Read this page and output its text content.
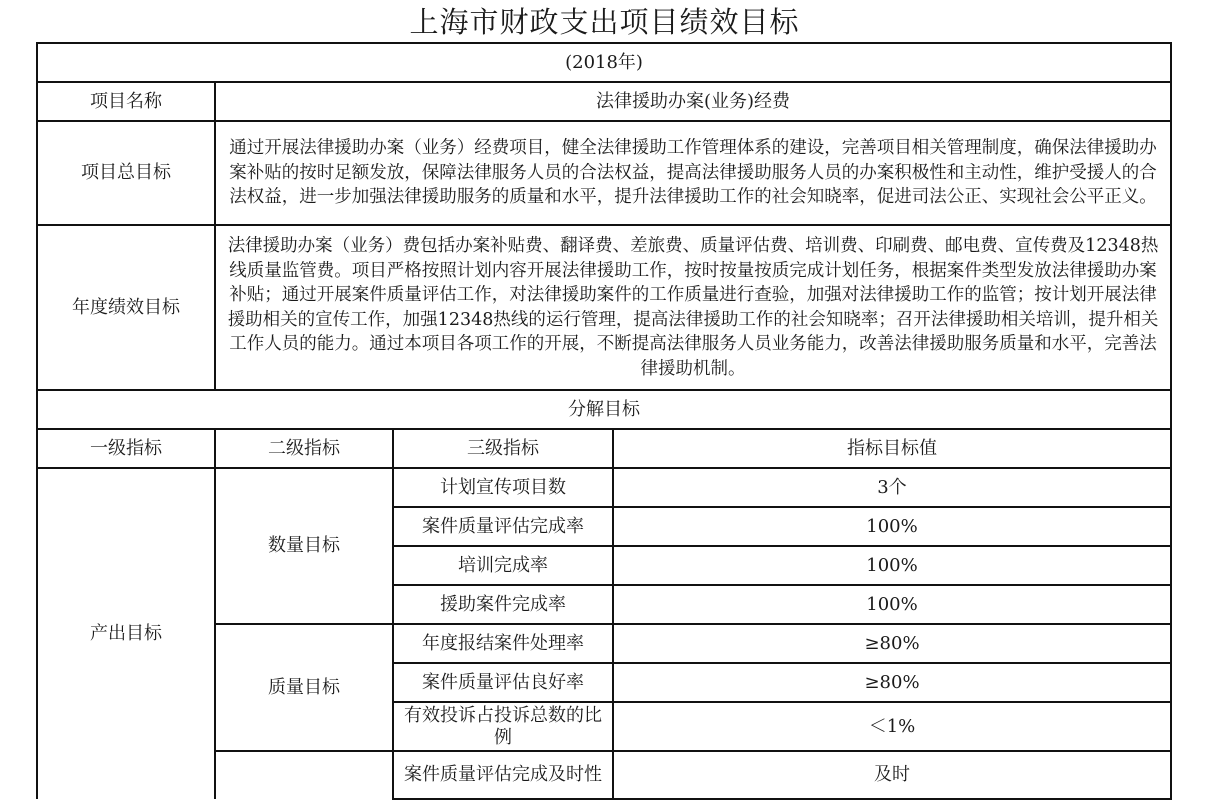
上海市财政支出项目绩效目标
(2018年)			
项目名称	法律援助办案(业务)经费		
项目总目标	通过开展法律援助办案（业务）经费项目，健全法律援助工作管理体系的建设，完善项目相关管理制度，确保法律援助办案补贴的按时足额发放，保障法律服务人员的合法权益，提高法律援助服务人员的办案积极性和主动性，维护受援人的合法权益，进一步加强法律援助服务的质量和水平，提升法律援助工作的社会知晓率，促进司法公正、实现社会公平正义。		
年度绩效目标	法律援助办案（业务）费包括办案补贴费、翻译费、差旅费、质量评估费、培训费、印刷费、邮电费、宣传费及12348热线质量监管费。项目严格按照计划内容开展法律援助工作，按时按量按质完成计划任务，根据案件类型发放法律援助办案补贴；通过开展案件质量评估工作，对法律援助案件的工作质量进行查验，加强对法律援助工作的监管；按计划开展法律援助相关的宣传工作，加强12348热线的运行管理，提高法律援助工作的社会知晓率；召开法律援助相关培训，提升相关工作人员的能力。通过本项目各项工作的开展，不断提高法律服务人员业务能力，改善法律援助服务质量和水平，完善法律援助机制。		
分解目标			
一级指标	二级指标	三级指标	指标目标值
产出目标	数量目标	计划宣传项目数	3个
		案件质量评估完成率	100%
		培训完成率	100%
		援助案件完成率	100%
	质量目标	年度报结案件处理率	≥80%
		案件质量评估良好率	≥80%
		有效投诉占投诉总数的比例	＜1%
		案件质量评估完成及时性	及时
